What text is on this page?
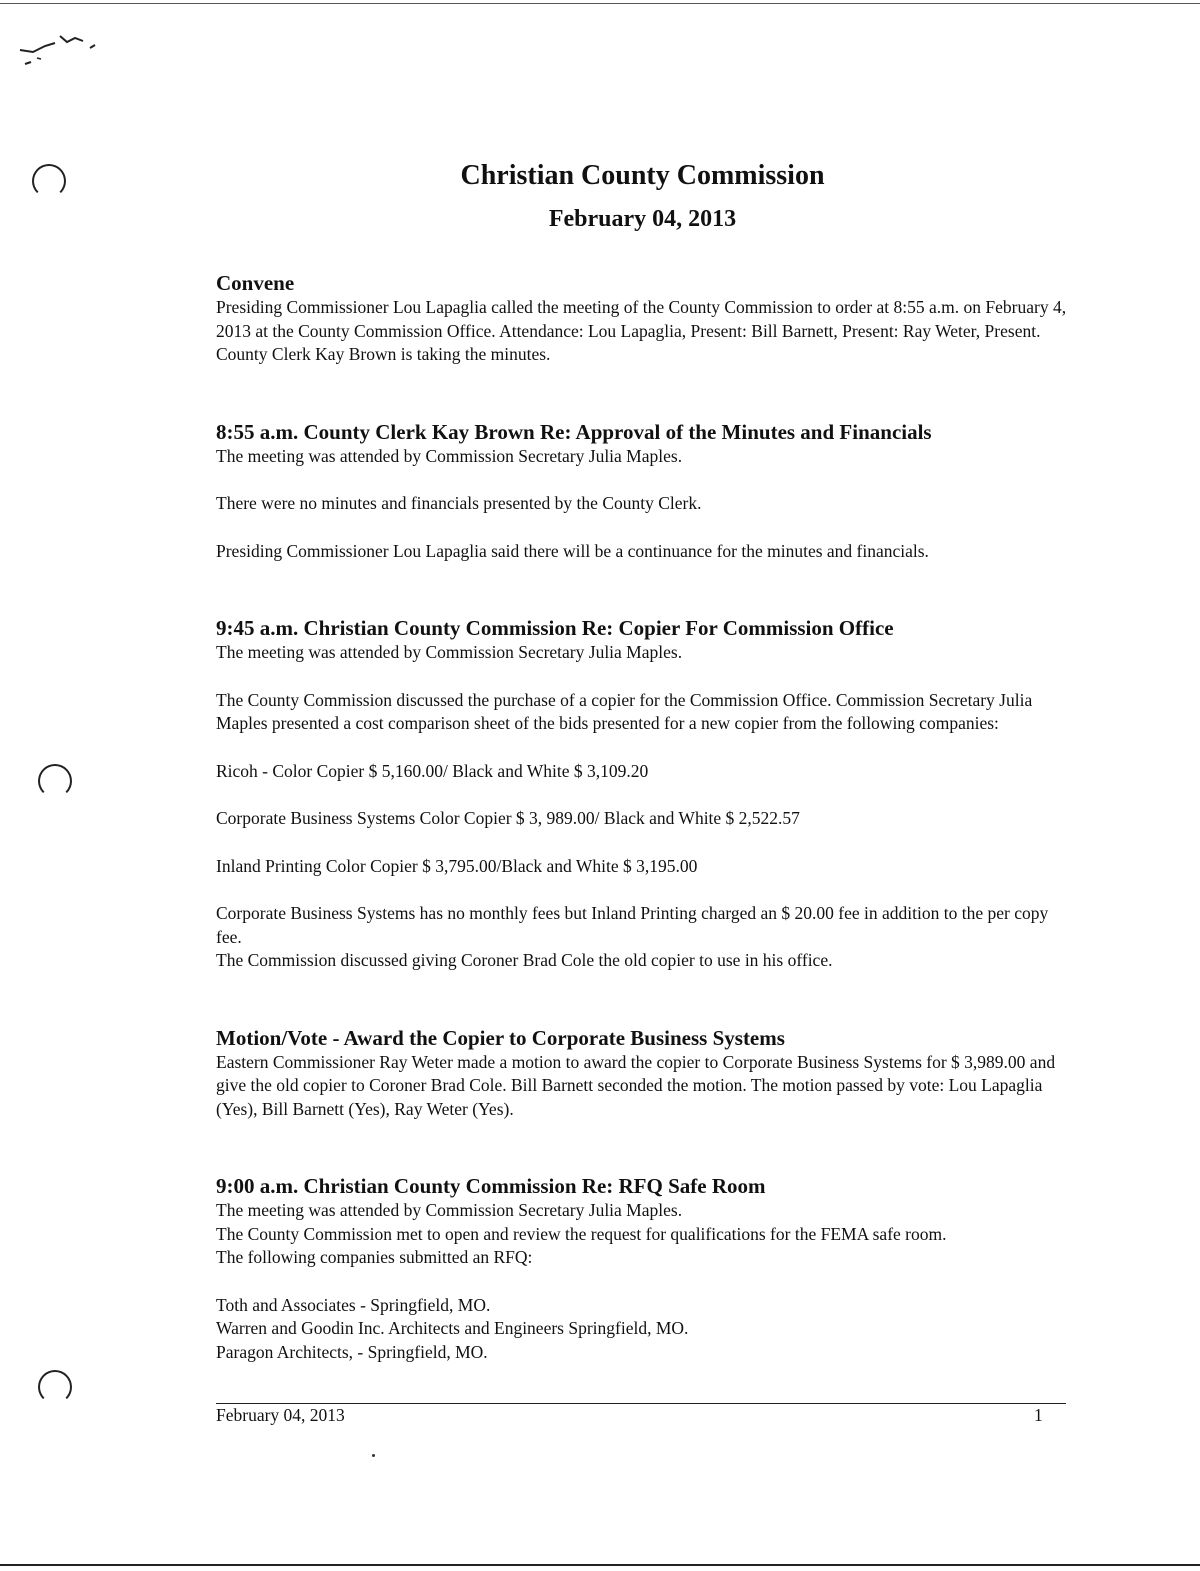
Christian County Commission
February 04, 2013
Convene

Presiding Commissioner Lou Lapaglia called the meeting of the County Commission to order at 8:55 a.m. on February 4, 2013 at the County Commission Office. Attendance: Lou Lapaglia, Present: Bill Barnett, Present: Ray Weter, Present. County Clerk Kay Brown is taking the minutes.

8:55 a.m. County Clerk Kay Brown Re: Approval of the Minutes and Financials

The meeting was attended by Commission Secretary Julia Maples.

There were no minutes and financials presented by the County Clerk.

Presiding Commissioner Lou Lapaglia said there will be a continuance for the minutes and financials.

9:45 a.m. Christian County Commission Re: Copier For Commission Office

The meeting was attended by Commission Secretary Julia Maples.

The County Commission discussed the purchase of a copier for the Commission Office. Commission Secretary Julia Maples presented a cost comparison sheet of the bids presented for a new copier from the following companies:

Ricoh - Color Copier $ 5,160.00/ Black and White $ 3,109.20

Corporate Business Systems Color Copier $ 3, 989.00/ Black and White $ 2,522.57

Inland Printing Color Copier $ 3,795.00/Black and White $ 3,195.00

Corporate Business Systems has no monthly fees but Inland Printing charged an $ 20.00 fee in addition to the per copy fee.

The Commission discussed giving Coroner Brad Cole the old copier to use in his office.

Motion/Vote - Award the Copier to Corporate Business Systems

Eastern Commissioner Ray Weter made a motion to award the copier to Corporate Business Systems for $ 3,989.00 and give the old copier to Coroner Brad Cole. Bill Barnett seconded the motion. The motion passed by vote: Lou Lapaglia (Yes), Bill Barnett (Yes), Ray Weter (Yes).

9:00 a.m. Christian County Commission Re: RFQ Safe Room

The meeting was attended by Commission Secretary Julia Maples.

The County Commission met to open and review the request for qualifications for the FEMA safe room.

The following companies submitted an RFQ:

Toth and Associates - Springfield, MO.

Warren and Goodin Inc. Architects and Engineers Springfield, MO.

Paragon Architects, - Springfield, MO.

February 04, 2013	1
